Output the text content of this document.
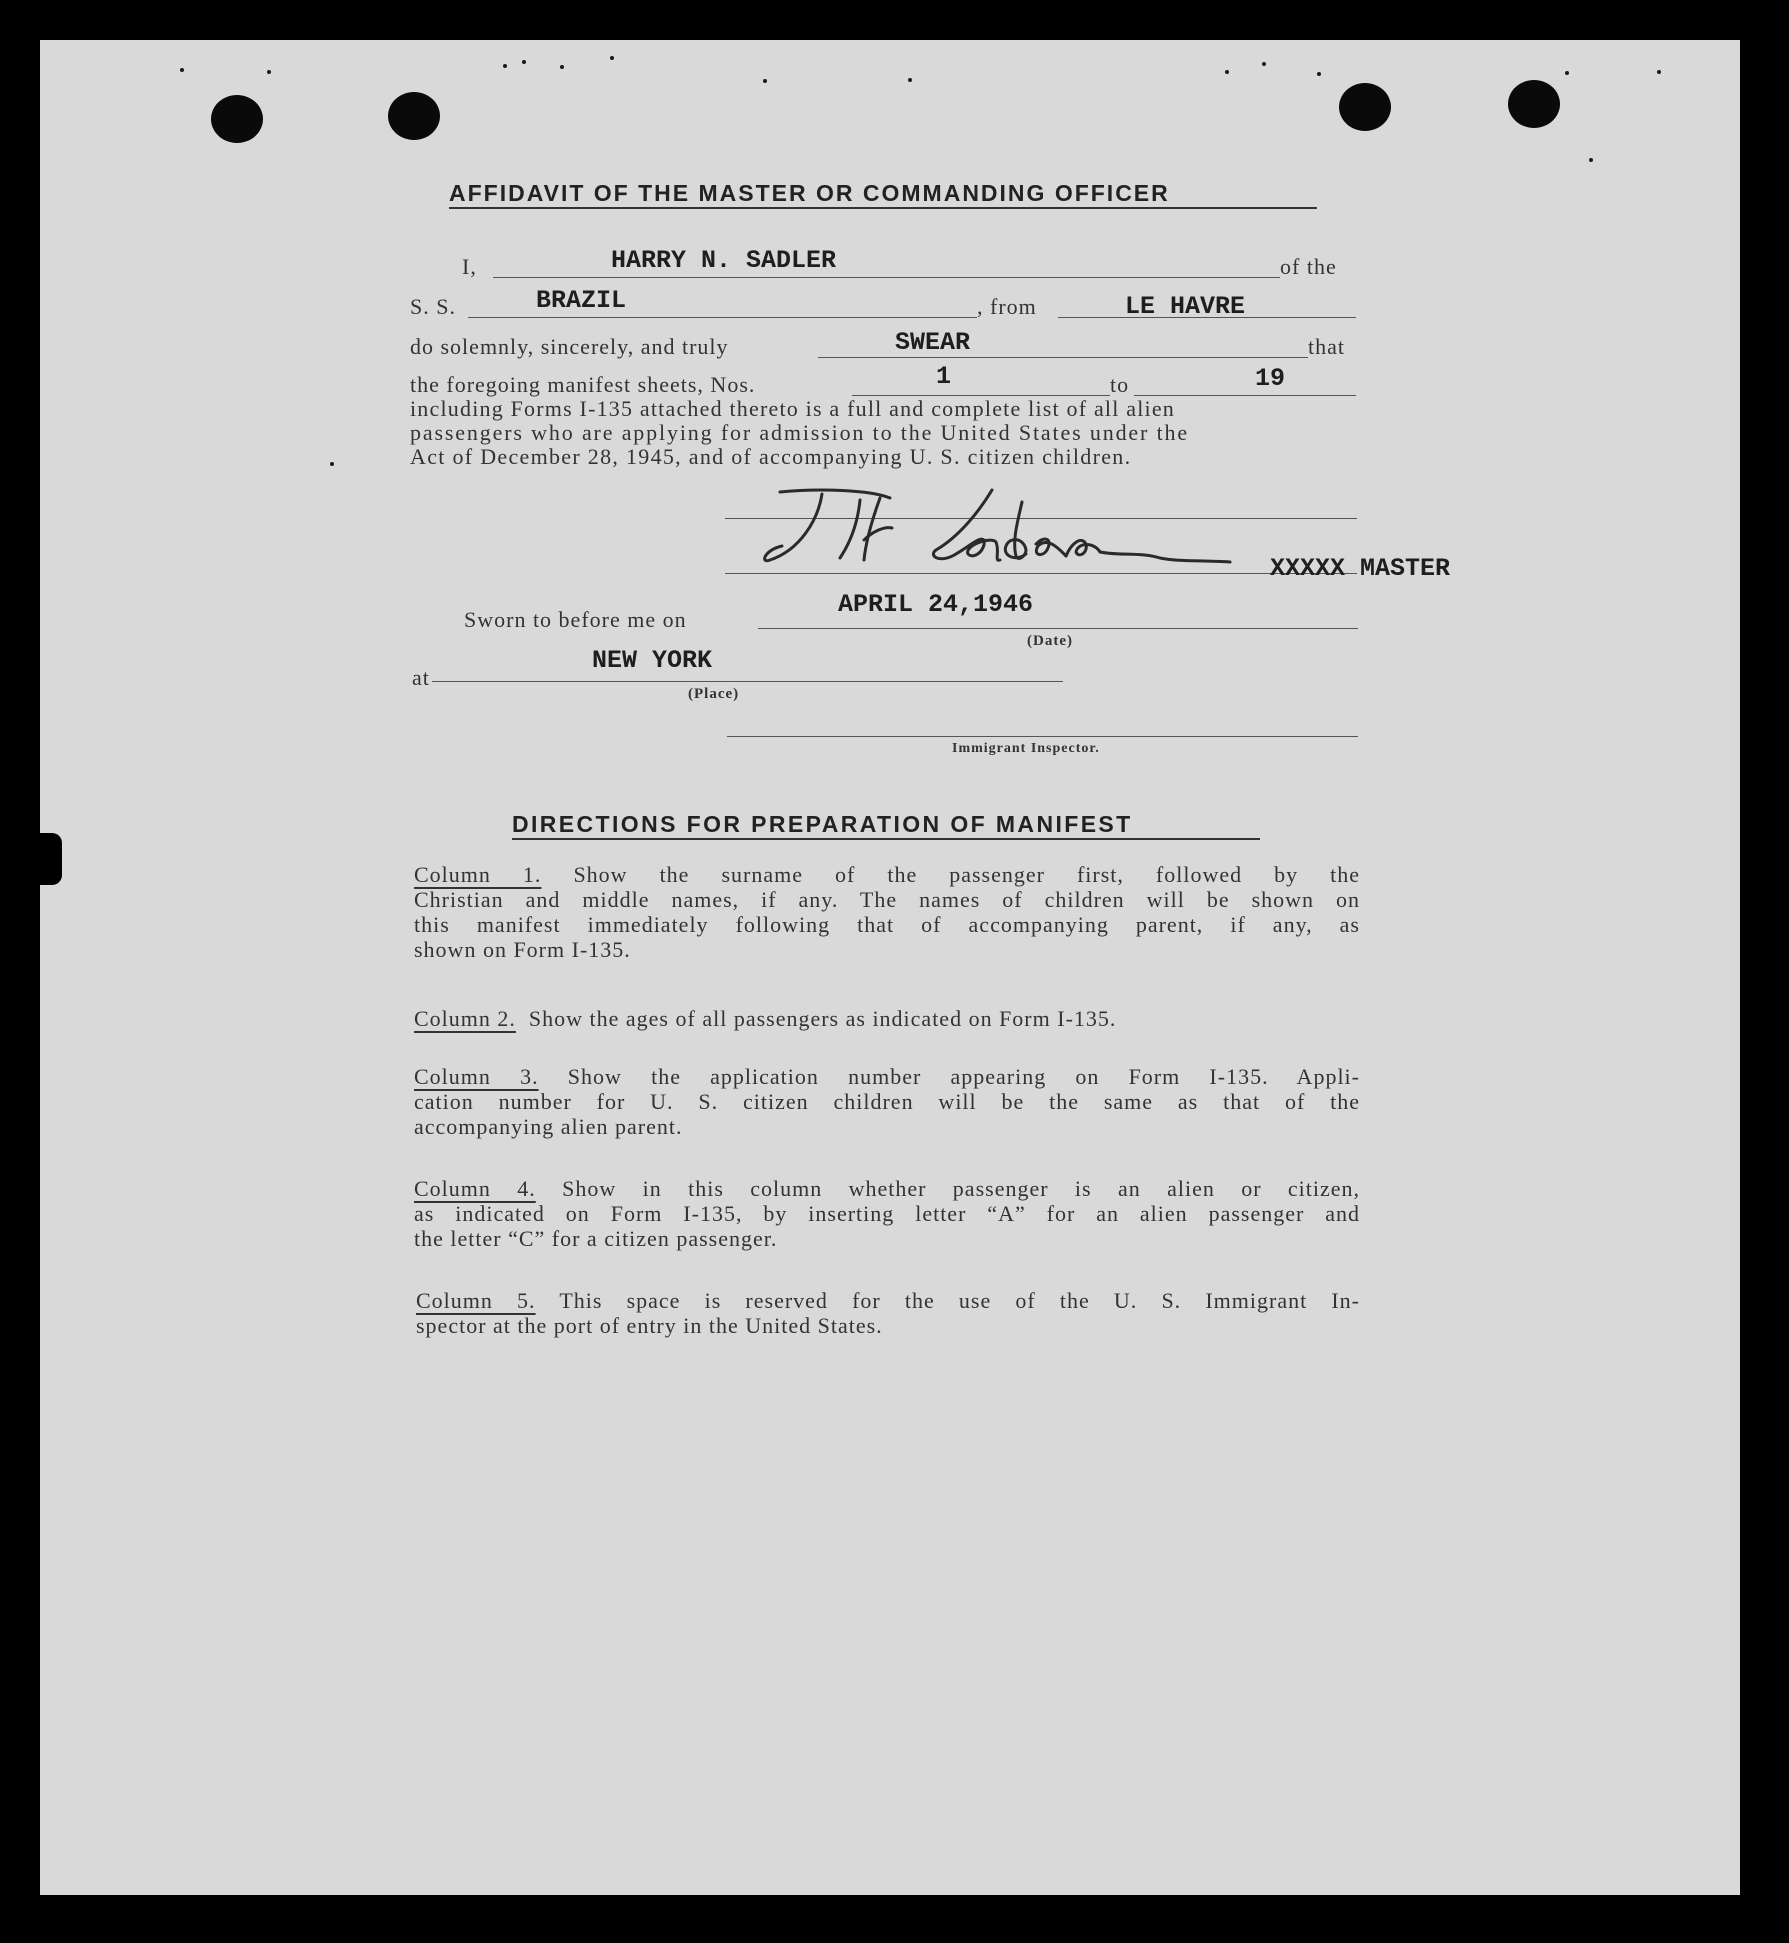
AFFIDAVIT OF THE MASTER OR COMMANDING OFFICER
I,	HARRY N. SADLER	of the
S. S.	BRAZIL	, from	LE HAVRE
do solemnly, sincerely, and truly	SWEAR	that
the foregoing manifest sheets, Nos.	1	to	19
including Forms I-135 attached thereto is a full and complete list of all alien
passengers who are applying for admission to the United States under the
Act of December 28, 1945, and of accompanying U. S. citizen children.
XXXXX MASTER
Sworn to before me on
APRIL 24,1946
(Date)
at
NEW YORK
(Place)
Immigrant Inspector.
DIRECTIONS FOR PREPARATION OF MANIFEST
Column 1. Show the surname of the passenger first, followed by the
Christian and middle names, if any. The names of children will be shown on
this manifest immediately following that of accompanying parent, if any, as
shown on Form I-135.
Column 2. Show the ages of all passengers as indicated on Form I-135.
Column 3. Show the application number appearing on Form I-135. Appli-
cation number for U. S. citizen children will be the same as that of the
accompanying alien parent.
Column 4. Show in this column whether passenger is an alien or citizen,
as indicated on Form I-135, by inserting letter “A” for an alien passenger and
the letter “C” for a citizen passenger.
Column 5. This space is reserved for the use of the U. S. Immigrant In-
spector at the port of entry in the United States.
